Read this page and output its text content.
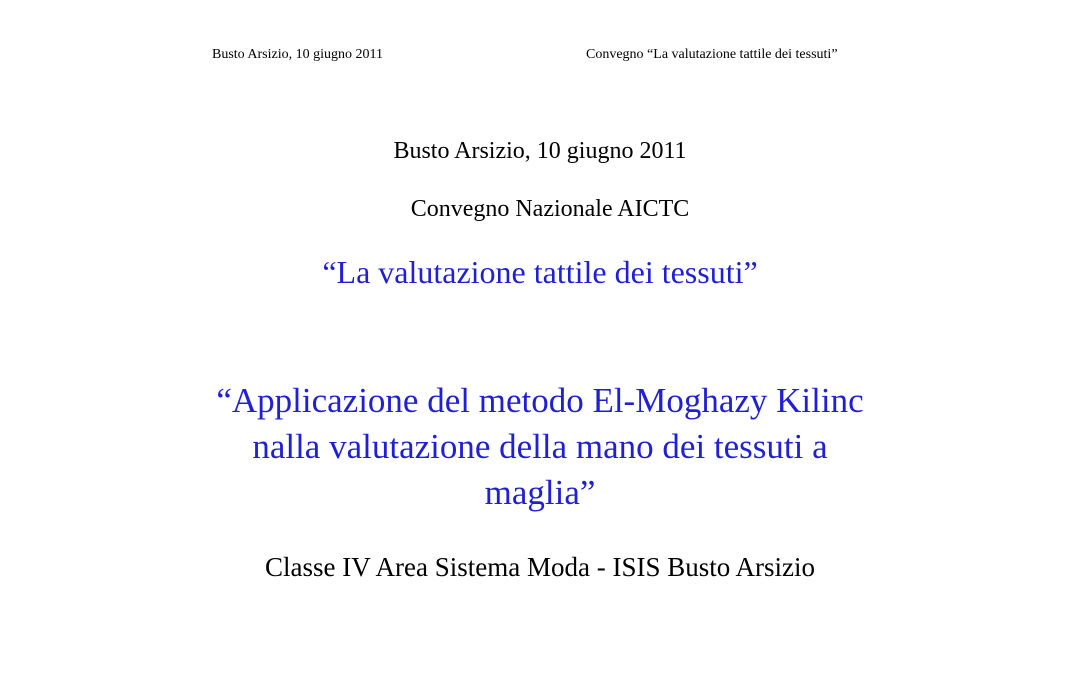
Busto Arsizio, 10 giugno 2011	Convegno “La valutazione tattile dei tessuti”
Busto Arsizio, 10 giugno 2011
Convegno Nazionale AICTC
“La valutazione tattile dei tessuti”
“Applicazione del metodo El-Moghazy Kilinc
nalla valutazione della mano dei tessuti a
maglia”
Classe IV Area Sistema Moda - ISIS Busto Arsizio
